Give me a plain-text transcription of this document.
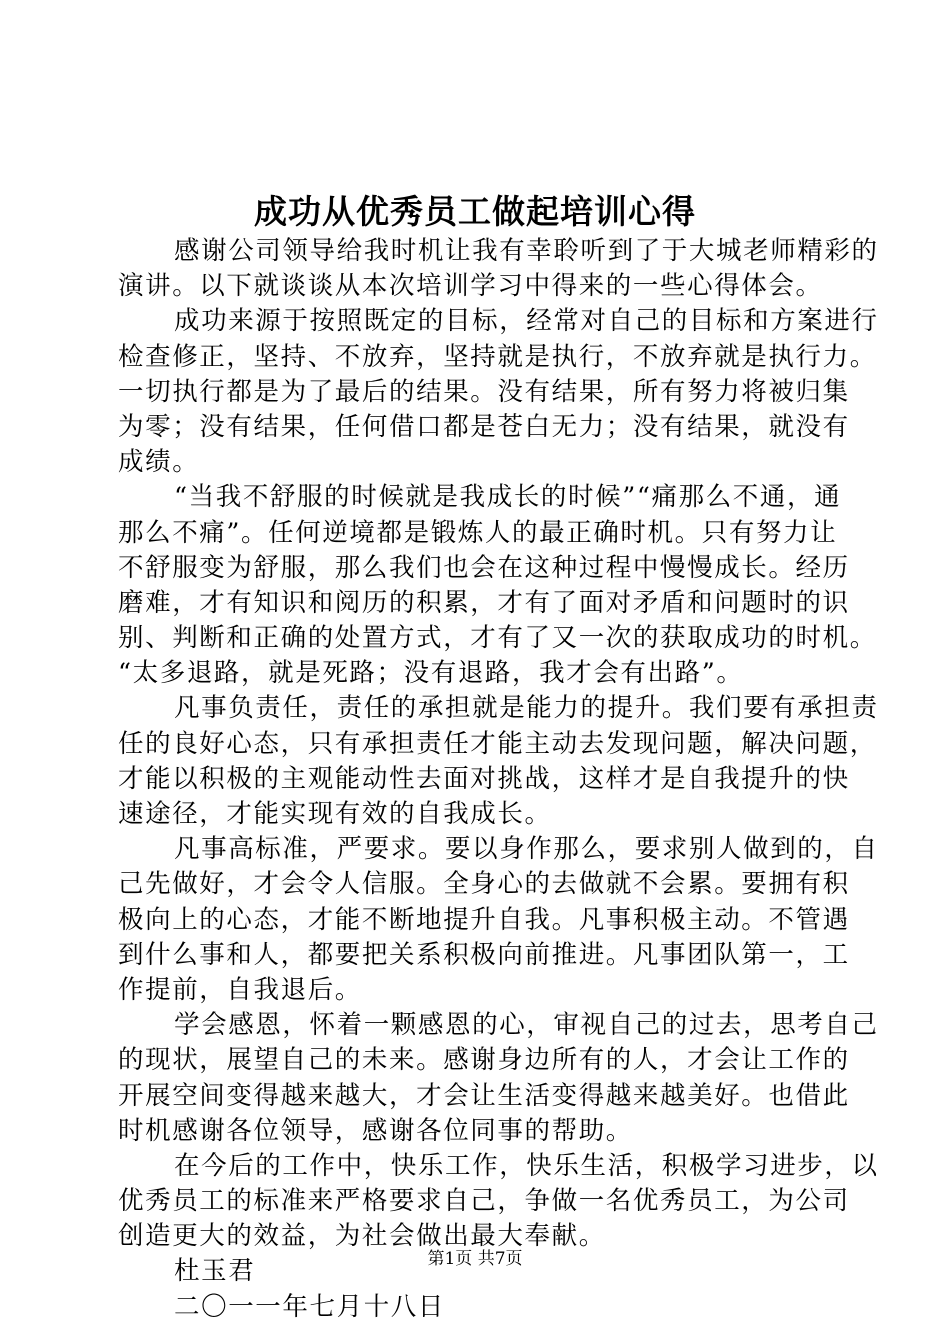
成功从优秀员工做起培训心得
感谢公司领导给我时机让我有幸聆听到了于大城老师精彩的
演讲。以下就谈谈从本次培训学习中得来的一些心得体会。
成功来源于按照既定的目标，经常对自己的目标和方案进行
检查修正，坚持、不放弃，坚持就是执行，不放弃就是执行力。
一切执行都是为了最后的结果。没有结果，所有努力将被归集
为零；没有结果，任何借口都是苍白无力；没有结果，就没有
成绩。
“当我不舒服的时候就是我成长的时候”“痛那么不通，通
那么不痛”。任何逆境都是锻炼人的最正确时机。只有努力让
不舒服变为舒服，那么我们也会在这种过程中慢慢成长。经历
磨难，才有知识和阅历的积累，才有了面对矛盾和问题时的识
别、判断和正确的处置方式，才有了又一次的获取成功的时机。
“太多退路，就是死路；没有退路，我才会有出路”。
凡事负责任，责任的承担就是能力的提升。我们要有承担责
任的良好心态，只有承担责任才能主动去发现问题，解决问题，
才能以积极的主观能动性去面对挑战，这样才是自我提升的快
速途径，才能实现有效的自我成长。
凡事高标准，严要求。要以身作那么，要求别人做到的，自
己先做好，才会令人信服。全身心的去做就不会累。要拥有积
极向上的心态，才能不断地提升自我。凡事积极主动。不管遇
到什么事和人，都要把关系积极向前推进。凡事团队第一，工
作提前，自我退后。
学会感恩，怀着一颗感恩的心，审视自己的过去，思考自己
的现状，展望自己的未来。感谢身边所有的人，才会让工作的
开展空间变得越来越大，才会让生活变得越来越美好。也借此
时机感谢各位领导，感谢各位同事的帮助。
在今后的工作中，快乐工作，快乐生活，积极学习进步，以
优秀员工的标准来严格要求自己，争做一名优秀员工，为公司
创造更大的效益，为社会做出最大奉献。
杜玉君
二〇一一年七月十八日
第1页 共7页
